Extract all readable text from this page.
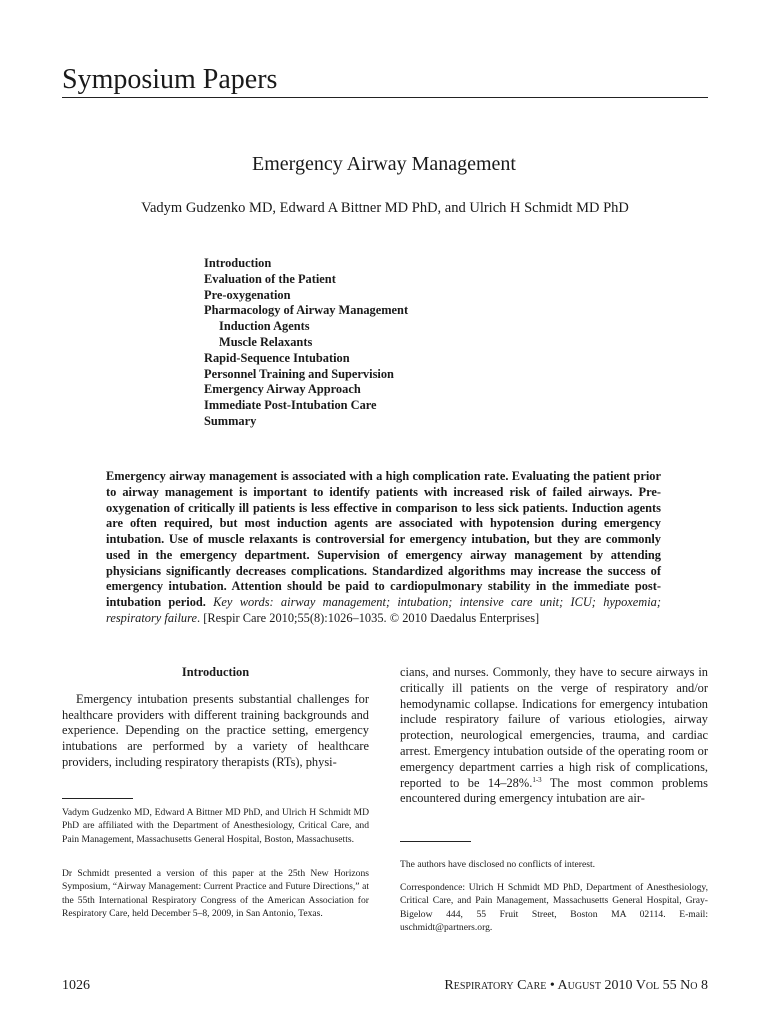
Symposium Papers
Emergency Airway Management
Vadym Gudzenko MD, Edward A Bittner MD PhD, and Ulrich H Schmidt MD PhD
Introduction
Evaluation of the Patient
Pre-oxygenation
Pharmacology of Airway Management
Induction Agents
Muscle Relaxants
Rapid-Sequence Intubation
Personnel Training and Supervision
Emergency Airway Approach
Immediate Post-Intubation Care
Summary
Emergency airway management is associated with a high complication rate. Evaluating the patient prior to airway management is important to identify patients with increased risk of failed airways. Pre-oxygenation of critically ill patients is less effective in comparison to less sick patients. Induction agents are often required, but most induction agents are associated with hypotension during emergency intubation. Use of muscle relaxants is controversial for emergency intubation, but they are commonly used in the emergency department. Supervision of emergency airway management by attending physicians significantly decreases complications. Standardized algorithms may increase the success of emergency intubation. Attention should be paid to cardiopulmonary stability in the immediate post-intubation period. Key words: airway management; intubation; intensive care unit; ICU; hypoxemia; respiratory failure. [Respir Care 2010;55(8):1026–1035. © 2010 Daedalus Enterprises]
Introduction
Emergency intubation presents substantial challenges for healthcare providers with different training backgrounds and experience. Depending on the practice setting, emergency intubations are performed by a variety of healthcare providers, including respiratory therapists (RTs), physi-
cians, and nurses. Commonly, they have to secure airways in critically ill patients on the verge of respiratory and/or hemodynamic collapse. Indications for emergency intubation include respiratory failure of various etiologies, airway protection, neurological emergencies, trauma, and cardiac arrest. Emergency intubation outside of the operating room or emergency department carries a high risk of complications, reported to be 14–28%.$^{1-3}$ The most common problems encountered during emergency intubation are air-
Vadym Gudzenko MD, Edward A Bittner MD PhD, and Ulrich H Schmidt MD PhD are affiliated with the Department of Anesthesiology, Critical Care, and Pain Management, Massachusetts General Hospital, Boston, Massachusetts.
Dr Schmidt presented a version of this paper at the 25th New Horizons Symposium, “Airway Management: Current Practice and Future Directions,” at the 55th International Respiratory Congress of the American Association for Respiratory Care, held December 5–8, 2009, in San Antonio, Texas.
The authors have disclosed no conflicts of interest.
Correspondence: Ulrich H Schmidt MD PhD, Department of Anesthesiology, Critical Care, and Pain Management, Massachusetts General Hospital, Gray-Bigelow 444, 55 Fruit Street, Boston MA 02114. E-mail: uschmidt@partners.org.
1026	Respiratory Care • August 2010 Vol 55 No 8
